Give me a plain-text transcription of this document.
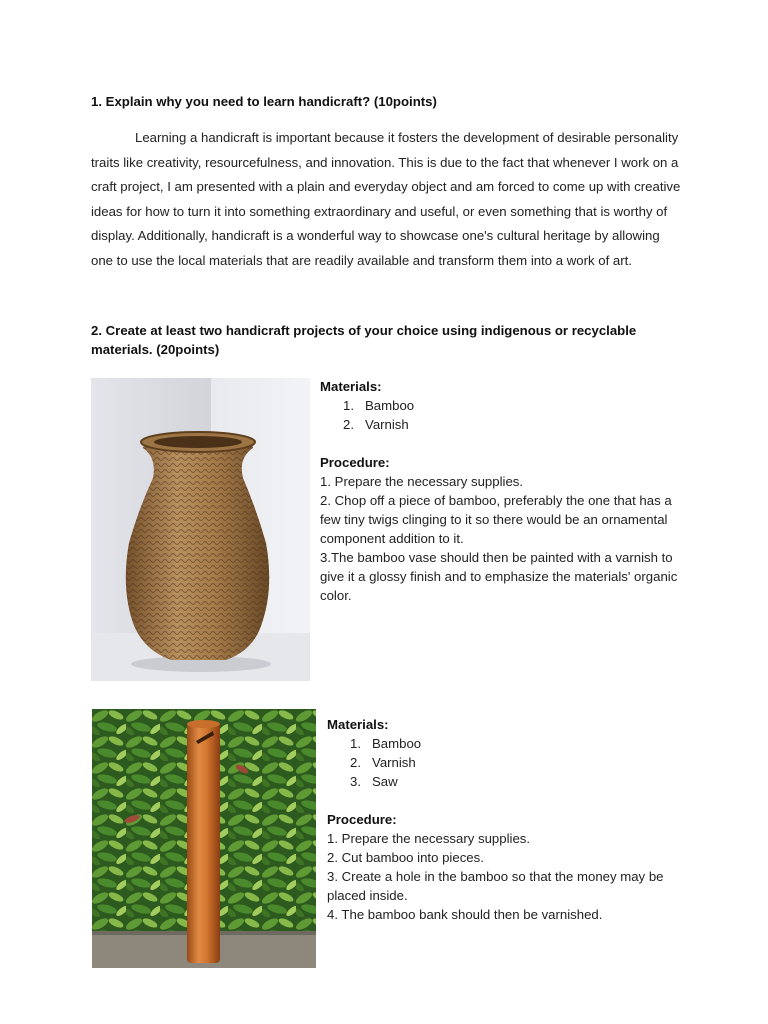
1. Explain why you need to learn handicraft? (10points)
Learning a handicraft is important because it fosters the development of desirable personality traits like creativity, resourcefulness, and innovation. This is due to the fact that whenever I work on a craft project, I am presented with a plain and everyday object and am forced to come up with creative ideas for how to turn it into something extraordinary and useful, or even something that is worthy of display. Additionally, handicraft is a wonderful way to showcase one's cultural heritage by allowing one to use the local materials that are readily available and transform them into a work of art.
2. Create at least two handicraft projects of your choice using indigenous or recyclable materials. (20points)
Materials:
1. Bamboo
2. Varnish
Procedure:

1. Prepare the necessary supplies.

2. Chop off a piece of bamboo, preferably the one that has a few tiny twigs clinging to it so there would be an ornamental component addition to it.

3.The bamboo vase should then be painted with a varnish to give it a glossy finish and to emphasize the materials' organic color.

Materials:
1. Bamboo
2. Varnish
3. Saw
Procedure:

1. Prepare the necessary supplies.

2. Cut bamboo into pieces.

3. Create a hole in the bamboo so that the money may be placed inside.

4. The bamboo bank should then be varnished.
